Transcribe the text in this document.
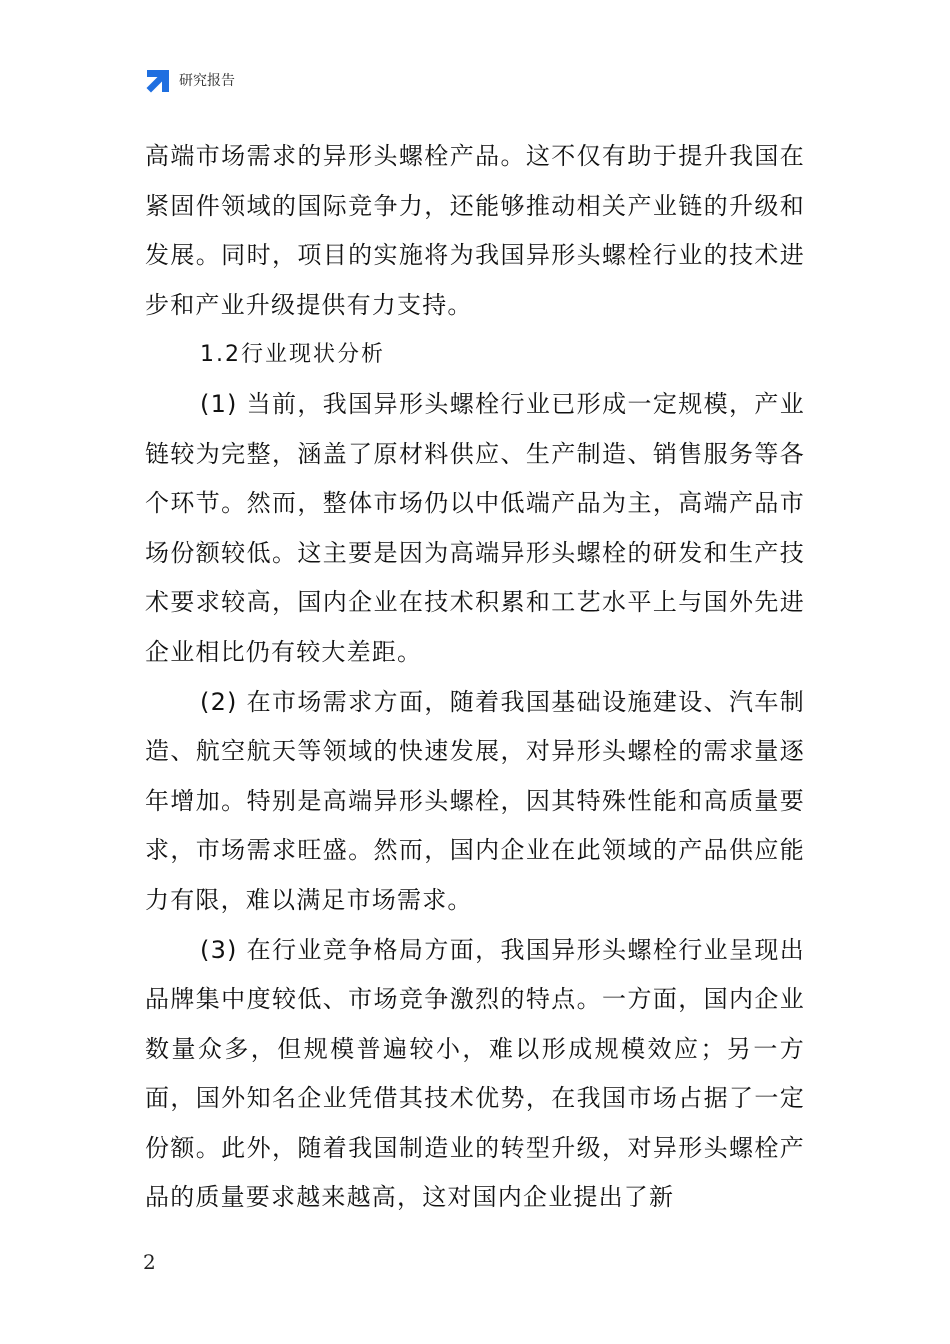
研究报告

高端市场需求的异形头螺栓产品。这不仅有助于提升我国在紧固件领域的国际竞争力，还能够推动相关产业链的升级和发展。同时，项目的实施将为我国异形头螺栓行业的技术进步和产业升级提供有力支持。

1.2行业现状分析

(1) 当前，我国异形头螺栓行业已形成一定规模，产业链较为完整，涵盖了原材料供应、生产制造、销售服务等各个环节。然而，整体市场仍以中低端产品为主，高端产品市场份额较低。这主要是因为高端异形头螺栓的研发和生产技术要求较高，国内企业在技术积累和工艺水平上与国外先进企业相比仍有较大差距。

(2) 在市场需求方面，随着我国基础设施建设、汽车制造、航空航天等领域的快速发展，对异形头螺栓的需求量逐年增加。特别是高端异形头螺栓，因其特殊性能和高质量要求，市场需求旺盛。然而，国内企业在此领域的产品供应能力有限，难以满足市场需求。

(3) 在行业竞争格局方面，我国异形头螺栓行业呈现出品牌集中度较低、市场竞争激烈的特点。一方面，国内企业数量众多，但规模普遍较小，难以形成规模效应；另一方面，国外知名企业凭借其技术优势，在我国市场占据了一定份额。此外，随着我国制造业的转型升级，对异形头螺栓产品的质量要求越来越高，这对国内企业提出了新

2
